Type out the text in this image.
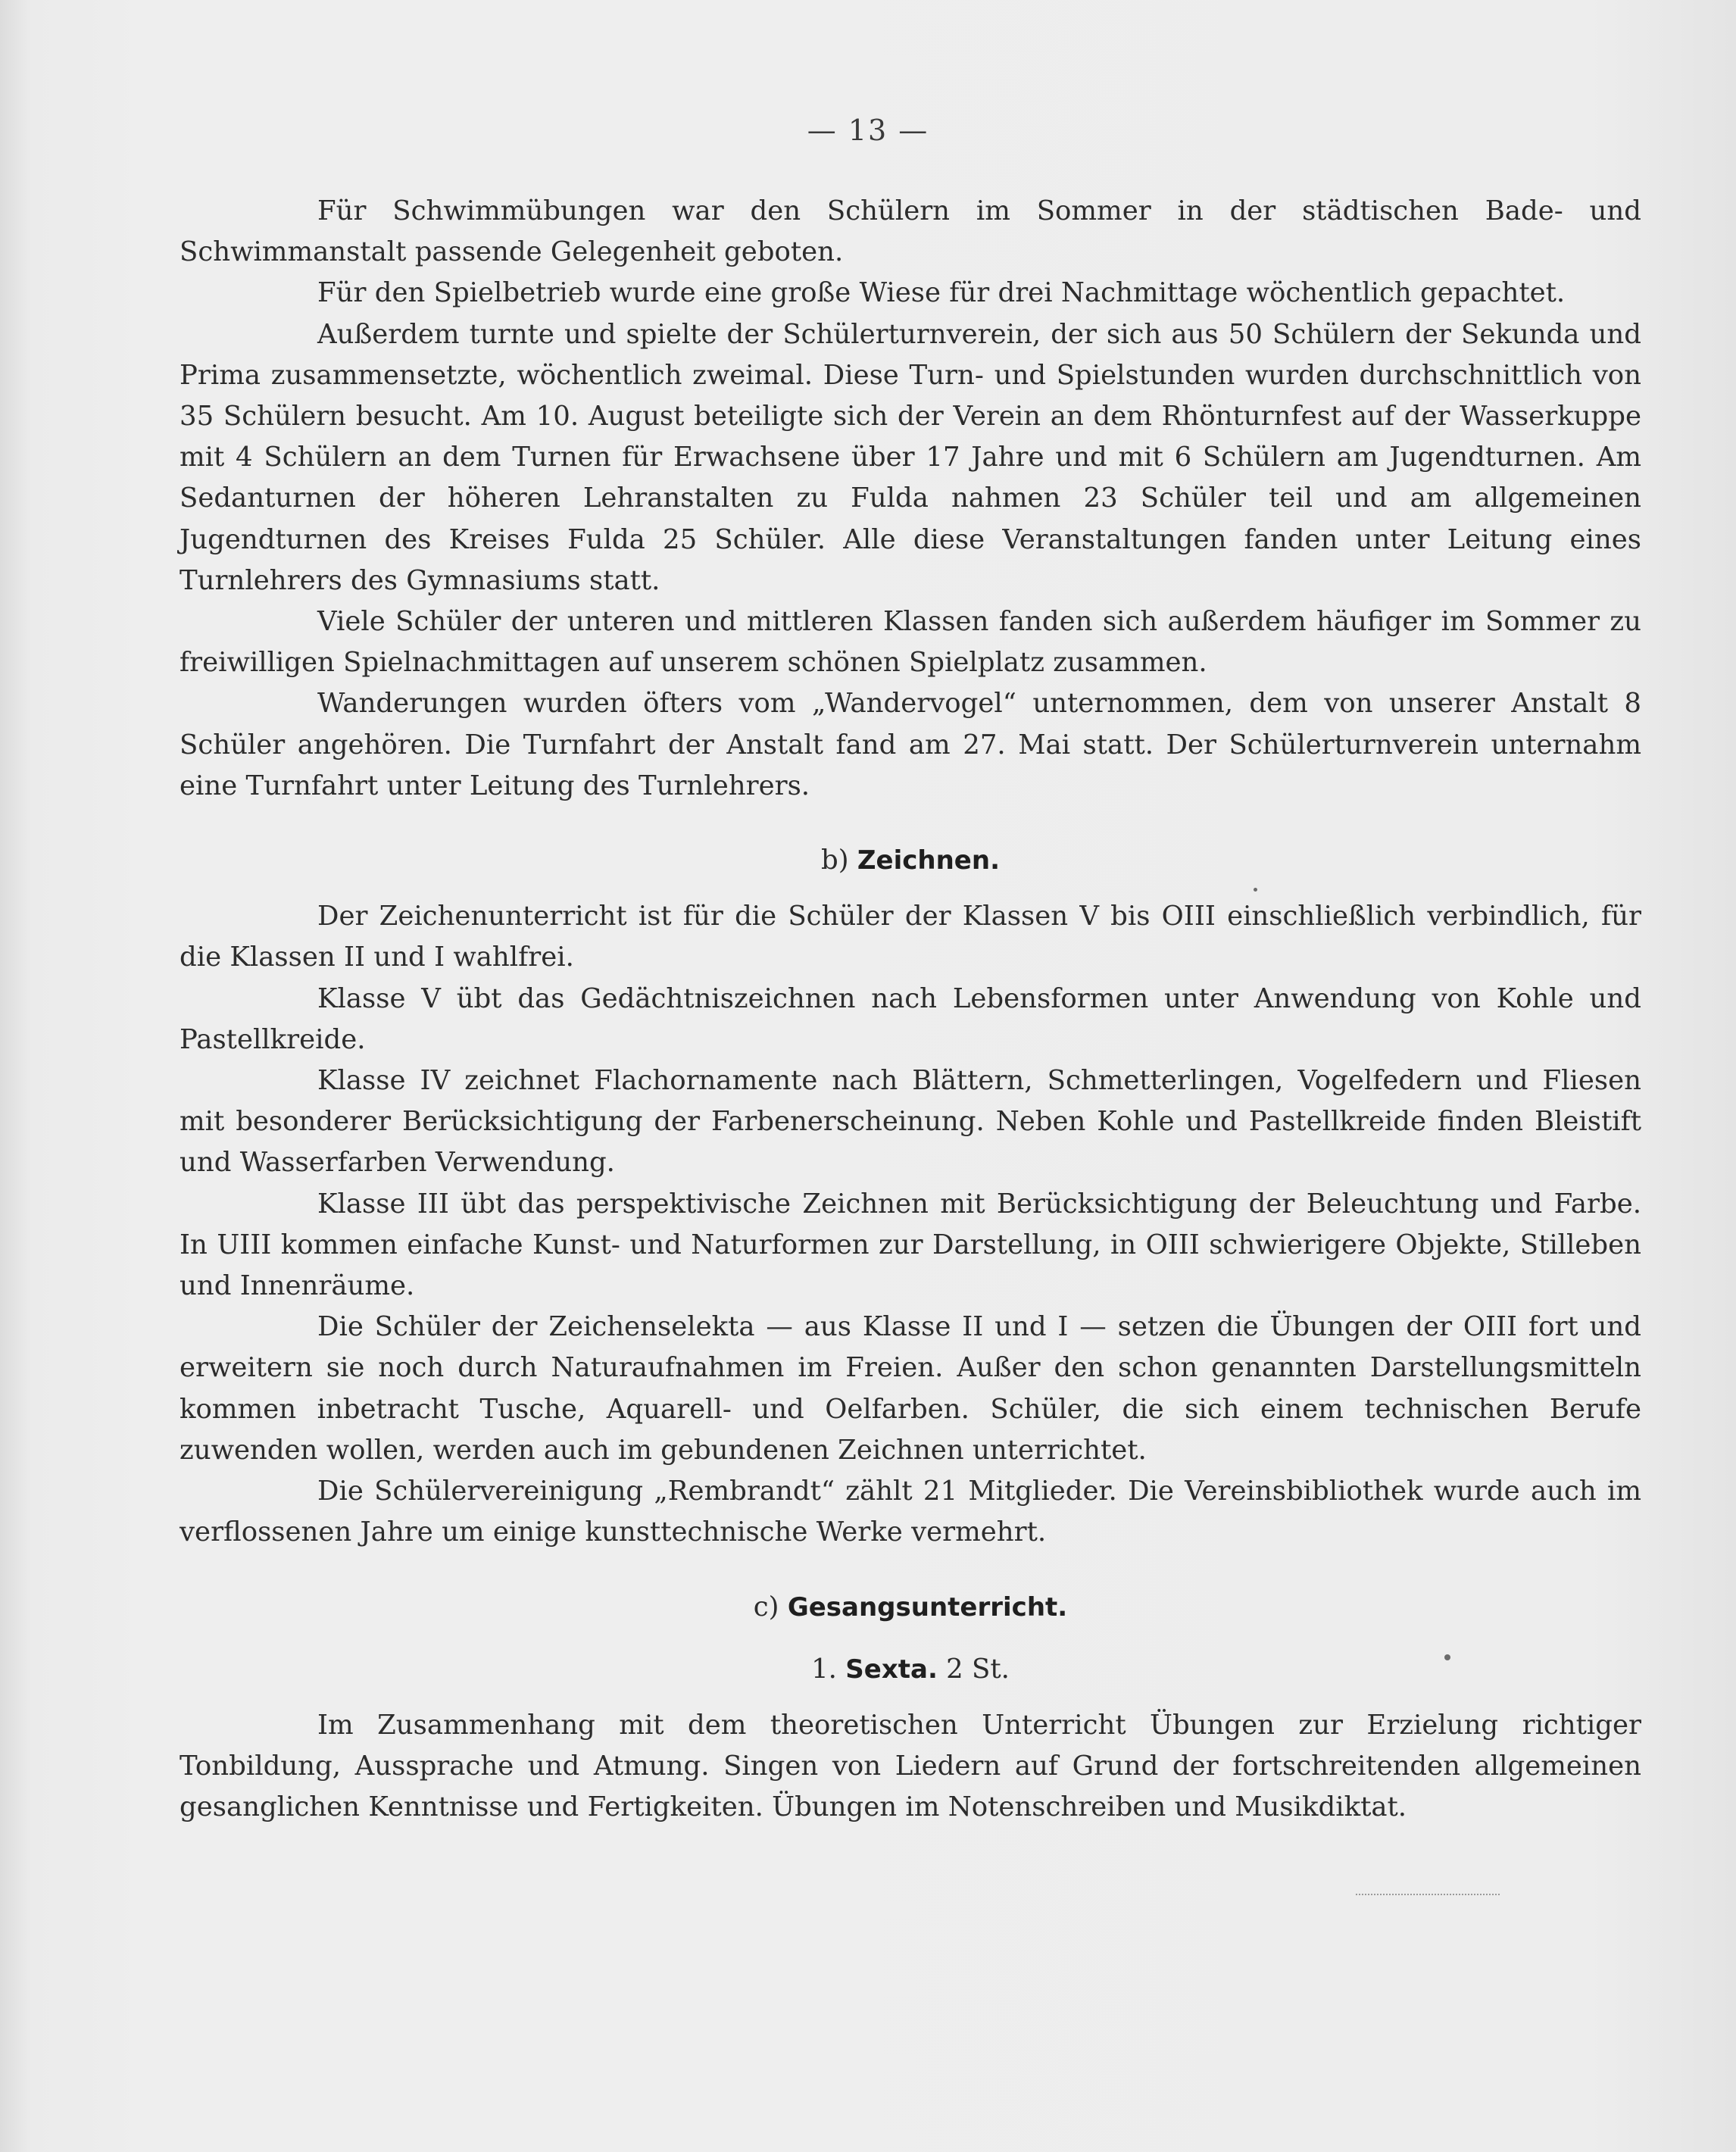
— 13 —

Für Schwimmübungen war den Schülern im Sommer in der städtischen Bade- und Schwimmanstalt passende Gelegenheit geboten.

Für den Spielbetrieb wurde eine große Wiese für drei Nachmittage wöchentlich gepachtet.

Außerdem turnte und spielte der Schülerturnverein, der sich aus 50 Schülern der Sekunda und Prima zusammensetzte, wöchentlich zweimal. Diese Turn- und Spielstunden wurden durchschnittlich von 35 Schülern besucht. Am 10. August beteiligte sich der Verein an dem Rhönturnfest auf der Wasserkuppe mit 4 Schülern an dem Turnen für Erwachsene über 17 Jahre und mit 6 Schülern am Jugendturnen. Am Sedanturnen der höheren Lehranstalten zu Fulda nahmen 23 Schüler teil und am allgemeinen Jugendturnen des Kreises Fulda 25 Schüler. Alle diese Veranstaltungen fanden unter Leitung eines Turnlehrers des Gymnasiums statt.

Viele Schüler der unteren und mittleren Klassen fanden sich außerdem häufiger im Sommer zu freiwilligen Spielnachmittagen auf unserem schönen Spielplatz zusammen.

Wanderungen wurden öfters vom „Wandervogel“ unternommen, dem von unserer Anstalt 8 Schüler angehören. Die Turnfahrt der Anstalt fand am 27. Mai statt. Der Schülerturnverein unternahm eine Turnfahrt unter Leitung des Turnlehrers.

b) Zeichnen.

Der Zeichenunterricht ist für die Schüler der Klassen V bis OIII einschließlich verbindlich, für die Klassen II und I wahlfrei.

Klasse V übt das Gedächtniszeichnen nach Lebensformen unter Anwendung von Kohle und Pastellkreide.

Klasse IV zeichnet Flachornamente nach Blättern, Schmetterlingen, Vogelfedern und Fliesen mit besonderer Berücksichtigung der Farbenerscheinung. Neben Kohle und Pastellkreide finden Bleistift und Wasserfarben Verwendung.

Klasse III übt das perspektivische Zeichnen mit Berücksichtigung der Beleuchtung und Farbe. In UIII kommen einfache Kunst- und Naturformen zur Darstellung, in OIII schwierigere Objekte, Stilleben und Innenräume.

Die Schüler der Zeichenselekta — aus Klasse II und I — setzen die Übungen der OIII fort und erweitern sie noch durch Naturaufnahmen im Freien. Außer den schon genannten Darstellungsmitteln kommen inbetracht Tusche, Aquarell- und Oelfarben. Schüler, die sich einem technischen Berufe zuwenden wollen, werden auch im gebundenen Zeichnen unterrichtet.

Die Schülervereinigung „Rembrandt“ zählt 21 Mitglieder. Die Vereinsbibliothek wurde auch im verflossenen Jahre um einige kunsttechnische Werke vermehrt.

c) Gesangsunterricht.
1. Sexta. 2 St.

Im Zusammenhang mit dem theoretischen Unterricht Übungen zur Erzielung richtiger Tonbildung, Aussprache und Atmung. Singen von Liedern auf Grund der fortschreitenden allgemeinen gesanglichen Kenntnisse und Fertigkeiten. Übungen im Notenschreiben und Musikdiktat.
